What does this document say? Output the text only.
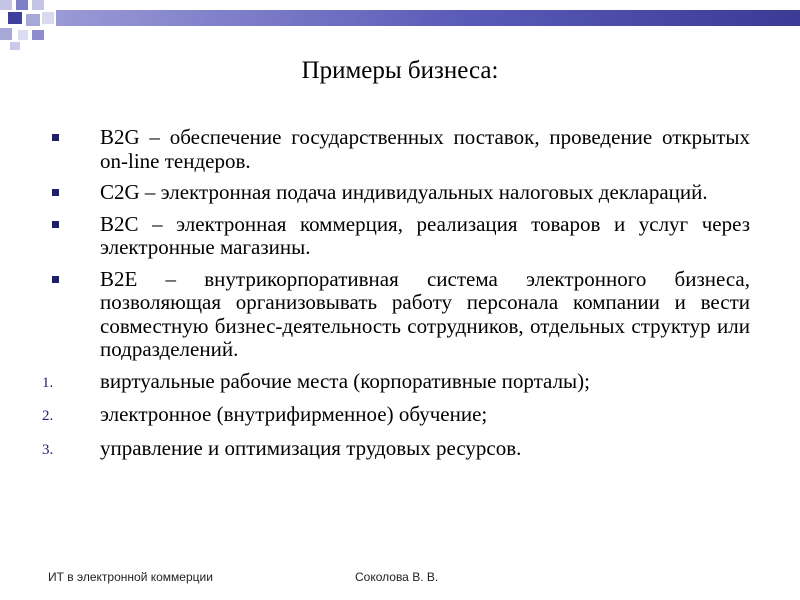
Примеры бизнеса:
B2G – обеспечение государственных поставок, проведение открытых on-line тендеров.
C2G – электронная подача индивидуальных налоговых деклараций.
B2C – электронная коммерция, реализация товаров и услуг через электронные магазины.
B2E – внутрикорпоративная система электронного бизнеса, позволяющая организовывать работу персонала компании и вести совместную бизнес-деятельность сотрудников, отдельных структур или подразделений.
1. виртуальные рабочие места (корпоративные порталы);
2. электронное (внутрифирменное) обучение;
3. управление и оптимизация трудовых ресурсов.
ИТ в электронной коммерции	Соколова В. В.
